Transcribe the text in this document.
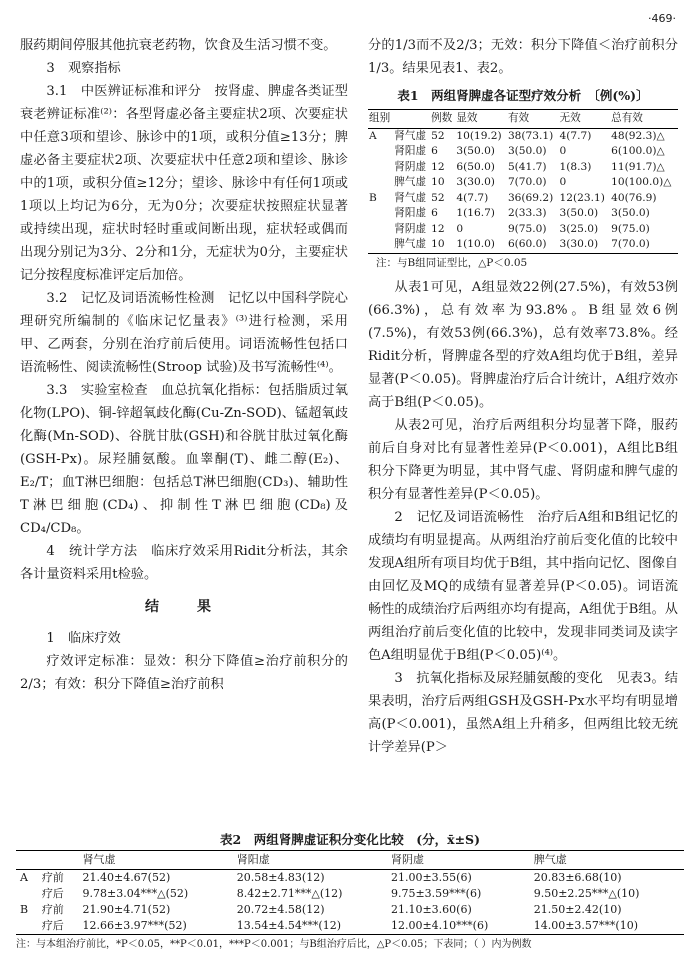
·469·

服药期间停服其他抗衰老药物，饮食及生活习惯不变。

3　观察指标

3.1　中医辨证标准和评分　按肾虚、脾虚各类证型衰老辨证标准⁽²⁾：各型肾虚必备主要症状2项、次要症状中任意3项和望诊、脉诊中的1项，或积分值≥13分；脾虚必备主要症状2项、次要症状中任意2项和望诊、脉诊中的1项，或积分值≥12分；望诊、脉诊中有任何1项或1项以上均记为6分，无为0分；次要症状按照症状显著或持续出现，症状时轻时重或间断出现，症状轻或偶而出现分别记为3分、2分和1分，无症状为0分，主要症状记分按程度标准评定后加倍。

3.2　记忆及词语流畅性检测　记忆以中国科学院心理研究所编制的《临床记忆量表》⁽³⁾进行检测，采用甲、乙两套，分别在治疗前后使用。词语流畅性包括口语流畅性、阅读流畅性(Stroop 试验)及书写流畅性⁽⁴⁾。

3.3　实验室检查　血总抗氧化指标：包括脂质过氧化物(LPO)、铜-锌超氧歧化酶(Cu-Zn-SOD)、锰超氧歧化酶(Mn-SOD)、谷胱甘肽(GSH)和谷胱甘肽过氧化酶(GSH-Px)。尿羟脯氨酸。血睾酮(T)、雌二醇(E₂)、E₂/T；血T淋巴细胞：包括总T淋巴细胞(CD₃)、辅助性T淋巴细胞(CD₄)、抑制性T淋巴细胞(CD₈)及CD₄/CD₈。

4　统计学方法　临床疗效采用Ridit分析法，其余各计量资料采用t检验。

结　果

1　临床疗效

疗效评定标准：显效：积分下降值≥治疗前积分的2/3；有效：积分下降值≥治疗前积

分的1/3而不及2/3；无效：积分下降值＜治疗前积分1/3。结果见表1、表2。

表1　两组肾脾虚各证型疗效分析　〔例(%)〕
组别		例数	显效	有效	无效	总有效
A	肾气虚	52	10(19.2)	38(73.1)	4(7.7)	48(92.3)△
	肾阳虚	6	3(50.0)	3(50.0)	0	6(100.0)△
	肾阴虚	12	6(50.0)	5(41.7)	1(8.3)	11(91.7)△
	脾气虚	10	3(30.0)	7(70.0)	0	10(100.0)△
B	肾气虚	52	4(7.7)	36(69.2)	12(23.1)	40(76.9)
	肾阳虚	6	1(16.7)	2(33.3)	3(50.0)	3(50.0)
	肾阴虚	12	0	9(75.0)	3(25.0)	9(75.0)
	脾气虚	10	1(10.0)	6(60.0)	3(30.0)	7(70.0)
注：与B组同证型比，△P＜0.05

从表1可见，A组显效22例(27.5%)，有效53例(66.3%)，总有效率为93.8%。B组显效6例(7.5%)，有效53例(66.3%)，总有效率73.8%。经Ridit分析，肾脾虚各型的疗效A组均优于B组，差异显著(P＜0.05)。肾脾虚治疗后合计统计，A组疗效亦高于B组(P＜0.05)。

从表2可见，治疗后两组积分均显著下降，服药前后自身对比有显著性差异(P＜0.001)，A组比B组积分下降更为明显，其中肾气虚、肾阴虚和脾气虚的积分有显著性差异(P＜0.05)。

2　记忆及词语流畅性　治疗后A组和B组记忆的成绩均有明显提高。从两组治疗前后变化值的比较中发现A组所有项目均优于B组，其中指向记忆、图像自由回忆及MQ的成绩有显著差异(P＜0.05)。词语流畅性的成绩治疗后两组亦均有提高，A组优于B组。从两组治疗前后变化值的比较中，发现非同类词及读字色A组明显优于B组(P＜0.05)⁽⁴⁾。

3　抗氧化指标及尿羟脯氨酸的变化　见表3。结果表明，治疗后两组GSH及GSH-Px水平均有明显增高(P＜0.001)，虽然A组上升稍多，但两组比较无统计学差异(P＞

表2　两组肾脾虚证积分变化比较　(分，x̄±S)
		肾气虚	肾阳虚	肾阴虚	脾气虚
A	疗前	21.40±4.67(52)	20.58±4.83(12)	21.00±3.55(6)	20.83±6.68(10)
	疗后	9.78±3.04***△(52)	8.42±2.71***△(12)	9.75±3.59***(6)	9.50±2.25***△(10)
B	疗前	21.90±4.71(52)	20.72±4.58(12)	21.10±3.60(6)	21.50±2.42(10)
	疗后	12.66±3.97***(52)	13.54±4.54***(12)	12.00±4.10***(6)	14.00±3.57***(10)
注：与本组治疗前比，*P＜0.05，**P＜0.01，***P＜0.001；与B组治疗后比，△P＜0.05；下表同；（ ）内为例数
